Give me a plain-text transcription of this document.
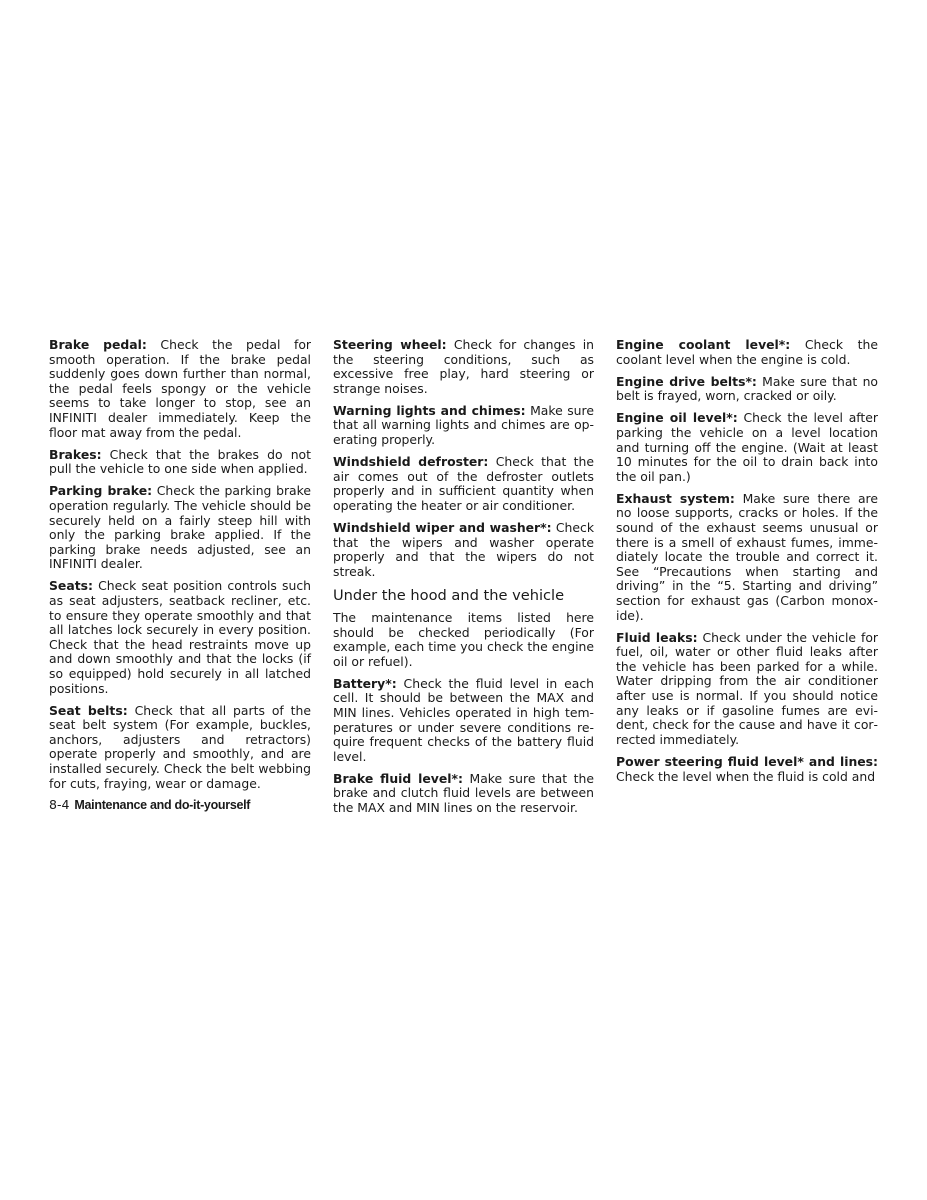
Brake pedal: Check the pedal for smooth operation. If the brake pedal suddenly goes down further than normal, the pedal feels spongy or the vehicle seems to take longer to stop, see an INFINITI dealer immediately. Keep the floor mat away from the pedal.

Brakes: Check that the brakes do not pull the vehicle to one side when applied.

Parking brake: Check the parking brake operation regularly. The vehicle should be securely held on a fairly steep hill with only the parking brake applied. If the parking brake needs adjusted, see an INFINITI dealer.

Seats: Check seat position controls such as seat adjusters, seatback recliner, etc. to ensure they operate smoothly and that all latches lock securely in every position. Check that the head restraints move up and down smoothly and that the locks (if so equipped) hold securely in all latched positions.

Seat belts: Check that all parts of the seat belt system (For example, buckles, anchors, adjusters and retractors) operate properly and smoothly, and are installed securely. Check the belt webbing for cuts, fraying, wear or damage.

Steering wheel: Check for changes in the steering conditions, such as excessive free play, hard steering or strange noises.

Warning lights and chimes: Make sure that all warning lights and chimes are operating properly.

Windshield defroster: Check that the air comes out of the defroster outlets properly and in sufficient quantity when operating the heater or air conditioner.

Windshield wiper and washer*: Check that the wipers and washer operate properly and that the wipers do not streak.

Under the hood and the vehicle

The maintenance items listed here should be checked periodically (For example, each time you check the engine oil or refuel).

Battery*: Check the fluid level in each cell. It should be between the MAX and MIN lines. Vehicles operated in high temperatures or under severe conditions require frequent checks of the battery fluid level.

Brake fluid level*: Make sure that the brake and clutch fluid levels are between the MAX and MIN lines on the reservoir.

Engine coolant level*: Check the coolant level when the engine is cold.

Engine drive belts*: Make sure that no belt is frayed, worn, cracked or oily.

Engine oil level*: Check the level after parking the vehicle on a level location and turning off the engine. (Wait at least 10 minutes for the oil to drain back into the oil pan.)

Exhaust system: Make sure there are no loose supports, cracks or holes. If the sound of the exhaust seems unusual or there is a smell of exhaust fumes, immediately locate the trouble and correct it. See “Precautions when starting and driving” in the “5. Starting and driving” section for exhaust gas (Carbon monoxide).

Fluid leaks: Check under the vehicle for fuel, oil, water or other fluid leaks after the vehicle has been parked for a while. Water dripping from the air conditioner after use is normal. If you should notice any leaks or if gasoline fumes are evident, check for the cause and have it corrected immediately.

Power steering fluid level* and lines: Check the level when the fluid is cold and

8-4 Maintenance and do-it-yourself
